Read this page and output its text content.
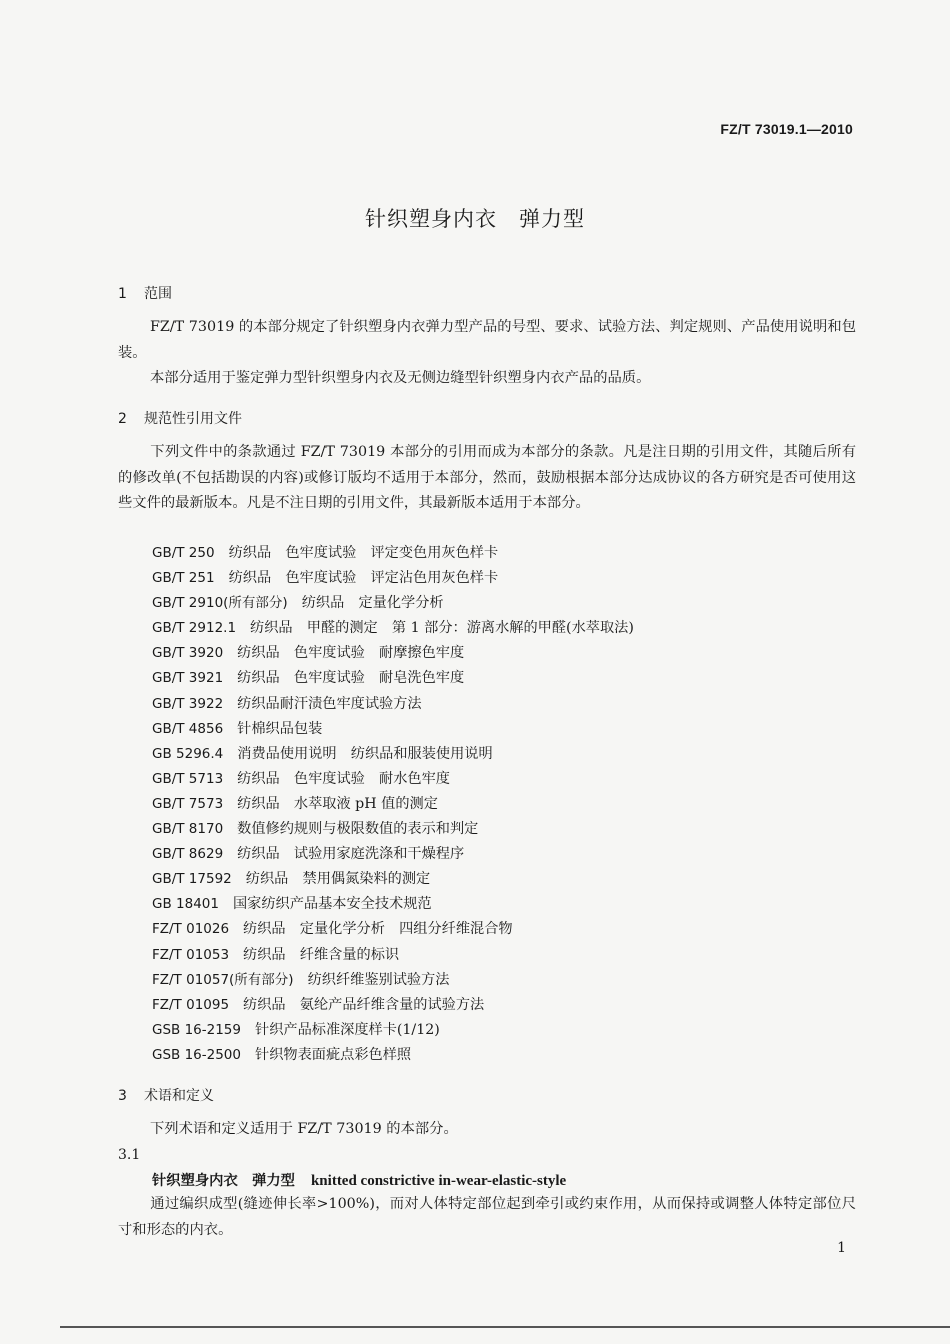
FZ/T 73019.1—2010
针织塑身内衣　弹力型
1 范围
FZ/T 73019 的本部分规定了针织塑身内衣弹力型产品的号型、要求、试验方法、判定规则、产品使用说明和包装。
本部分适用于鉴定弹力型针织塑身内衣及无侧边缝型针织塑身内衣产品的品质。
2 规范性引用文件
下列文件中的条款通过 FZ/T 73019 本部分的引用而成为本部分的条款。凡是注日期的引用文件，其随后所有的修改单(不包括勘误的内容)或修订版均不适用于本部分，然而，鼓励根据本部分达成协议的各方研究是否可使用这些文件的最新版本。凡是不注日期的引用文件，其最新版本适用于本部分。
GB/T 250 纺织品　色牢度试验　评定变色用灰色样卡
GB/T 251 纺织品　色牢度试验　评定沾色用灰色样卡
GB/T 2910(所有部分) 纺织品　定量化学分析
GB/T 2912.1 纺织品　甲醛的测定　第 1 部分：游离水解的甲醛(水萃取法)
GB/T 3920 纺织品　色牢度试验　耐摩擦色牢度
GB/T 3921 纺织品　色牢度试验　耐皂洗色牢度
GB/T 3922 纺织品耐汗渍色牢度试验方法
GB/T 4856 针棉织品包装
GB 5296.4 消费品使用说明　纺织品和服装使用说明
GB/T 5713 纺织品　色牢度试验　耐水色牢度
GB/T 7573 纺织品　水萃取液 pH 值的测定
GB/T 8170 数值修约规则与极限数值的表示和判定
GB/T 8629 纺织品　试验用家庭洗涤和干燥程序
GB/T 17592 纺织品　禁用偶氮染料的测定
GB 18401 国家纺织产品基本安全技术规范
FZ/T 01026 纺织品　定量化学分析　四组分纤维混合物
FZ/T 01053 纺织品　纤维含量的标识
FZ/T 01057(所有部分) 纺织纤维鉴别试验方法
FZ/T 01095 纺织品　氨纶产品纤维含量的试验方法
GSB 16-2159 针织产品标准深度样卡(1/12)
GSB 16-2500 针织物表面疵点彩色样照
3 术语和定义
下列术语和定义适用于 FZ/T 73019 的本部分。
3.1
针织塑身内衣　弹力型 knitted constrictive in-wear-elastic-style
通过编织成型(缝迹伸长率>100%)，而对人体特定部位起到牵引或约束作用，从而保持或调整人体特定部位尺寸和形态的内衣。
1
